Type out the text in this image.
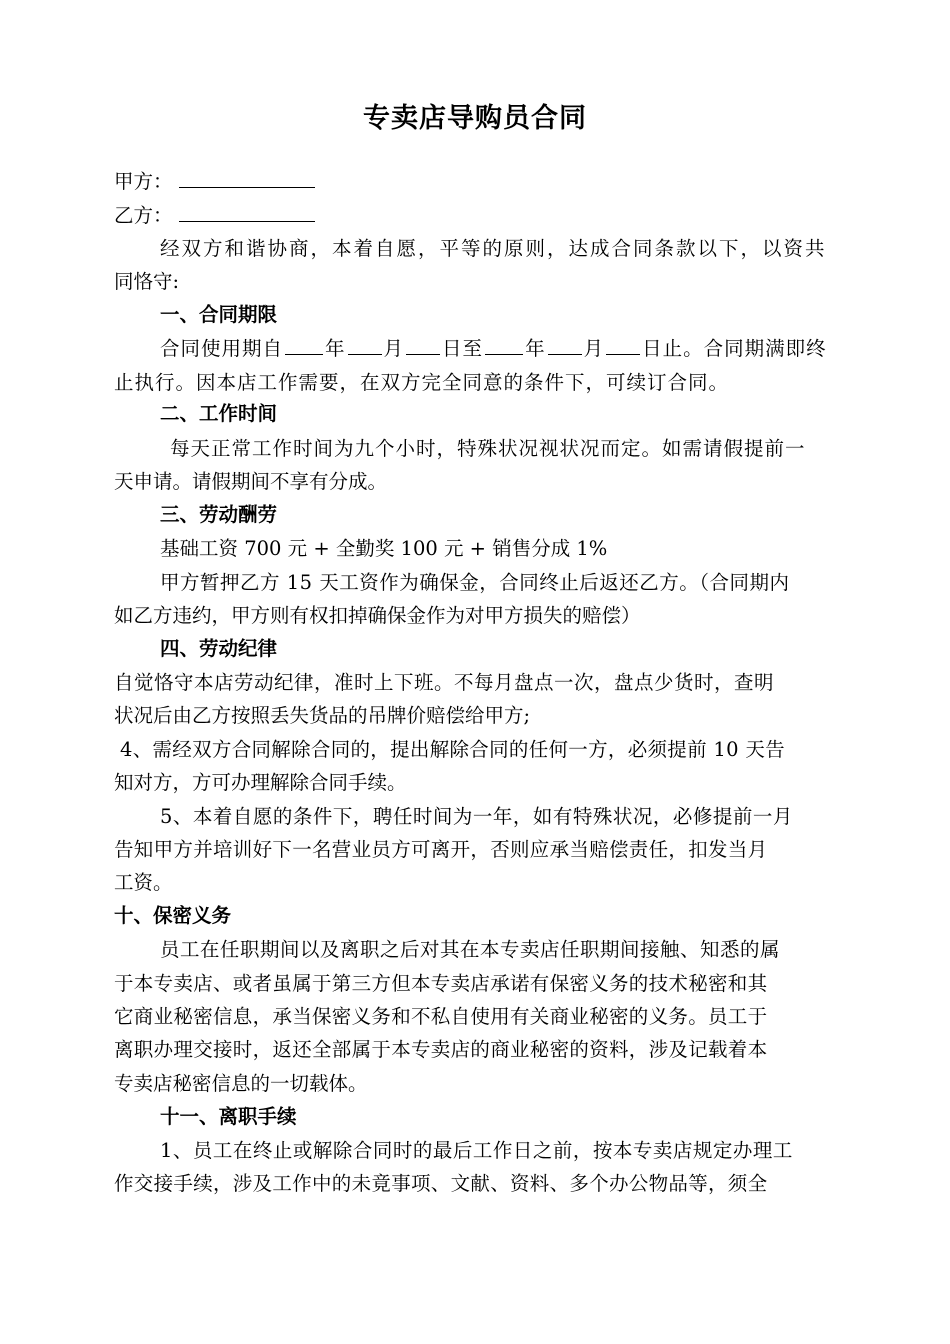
专卖店导购员合同
甲方：
乙方：
经双方和谐协商，本着自愿，平等的原则，达成合同条款以下，以资共
同恪守:
一、合同期限
合同使用期自 年 月 日至 年 月 日止。合同期满即终
止执行。因本店工作需要，在双方完全同意的条件下，可续订合同。
二、工作时间
每天正常工作时间为九个小时，特殊状况视状况而定。如需请假提前一
天申请。请假期间不享有分成。
三、劳动酬劳
基础工资 700 元 + 全勤奖 100 元 + 销售分成 1%
甲方暂押乙方 15 天工资作为确保金，合同终止后返还乙方。（合同期内
如乙方违约，甲方则有权扣掉确保金作为对甲方损失的赔偿）
四、劳动纪律
自觉恪守本店劳动纪律，准时上下班。不每月盘点一次，盘点少货时，查明
状况后由乙方按照丢失货品的吊牌价赔偿给甲方;
4、需经双方合同解除合同的，提出解除合同的任何一方，必须提前 10 天告
知对方，方可办理解除合同手续。
5、本着自愿的条件下，聘任时间为一年，如有特殊状况，必修提前一月
告知甲方并培训好下一名营业员方可离开，否则应承当赔偿责任，扣发当月
工资。
十、保密义务
员工在任职期间以及离职之后对其在本专卖店任职期间接触、知悉的属
于本专卖店、或者虽属于第三方但本专卖店承诺有保密义务的技术秘密和其
它商业秘密信息，承当保密义务和不私自使用有关商业秘密的义务。员工于
离职办理交接时，返还全部属于本专卖店的商业秘密的资料，涉及记载着本
专卖店秘密信息的一切载体。
十一、离职手续
1、员工在终止或解除合同时的最后工作日之前，按本专卖店规定办理工
作交接手续，涉及工作中的未竟事项、文献、资料、多个办公物品等，须全
